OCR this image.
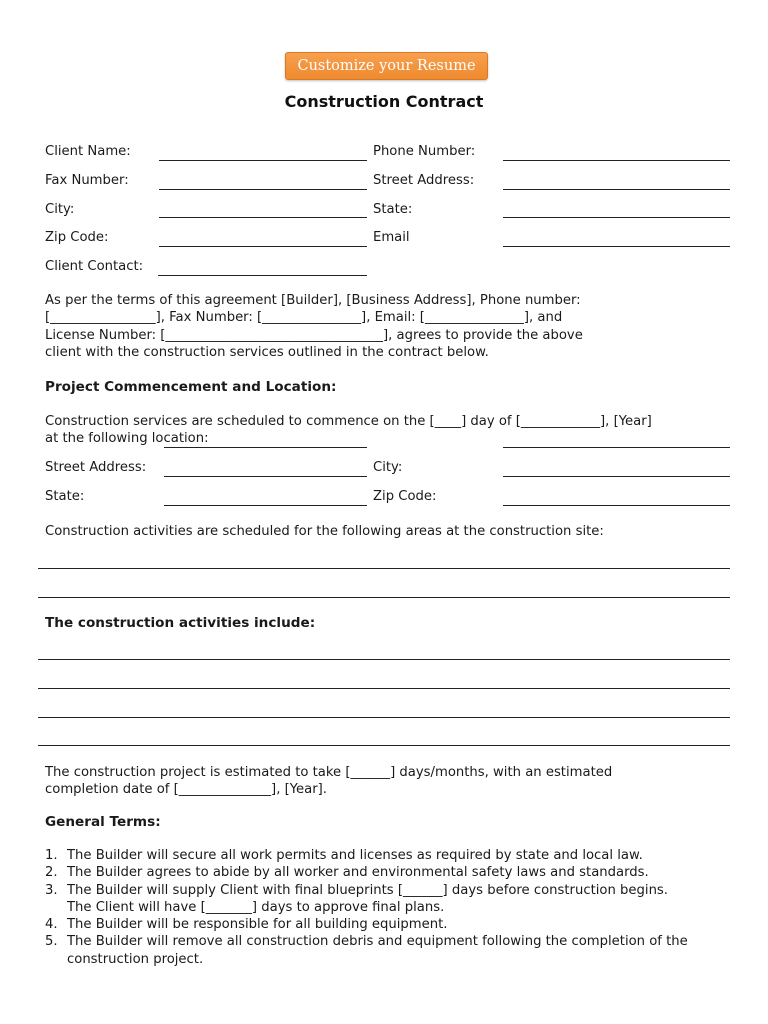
Customize your Resume
Construction Contract
Client Name:
Fax Number:
City:
Zip Code:
Client Contact:
Phone Number:
Street Address:
State:
Email
As per the terms of this agreement [Builder], [Business Address], Phone number:
[________________], Fax Number: [_______________], Email: [_______________], and
License Number: [_________________________________], agrees to provide the above
client with the construction services outlined in the contract below.
Project Commencement and Location:
Construction services are scheduled to commence on the [____] day of [____________], [Year]
at the following location:
Street Address:	City:
State:	Zip Code:
Construction activities are scheduled for the following areas at the construction site:
The construction activities include:
The construction project is estimated to take [______] days/months, with an estimated
completion date of [______________], [Year].
General Terms:
1. The Builder will secure all work permits and licenses as required by state and local law.
2. The Builder agrees to abide by all worker and environmental safety laws and standards.
3. The Builder will supply Client with final blueprints [______] days before construction begins.
The Client will have [_______] days to approve final plans.
4. The Builder will be responsible for all building equipment.
5. The Builder will remove all construction debris and equipment following the completion of the
construction project.
